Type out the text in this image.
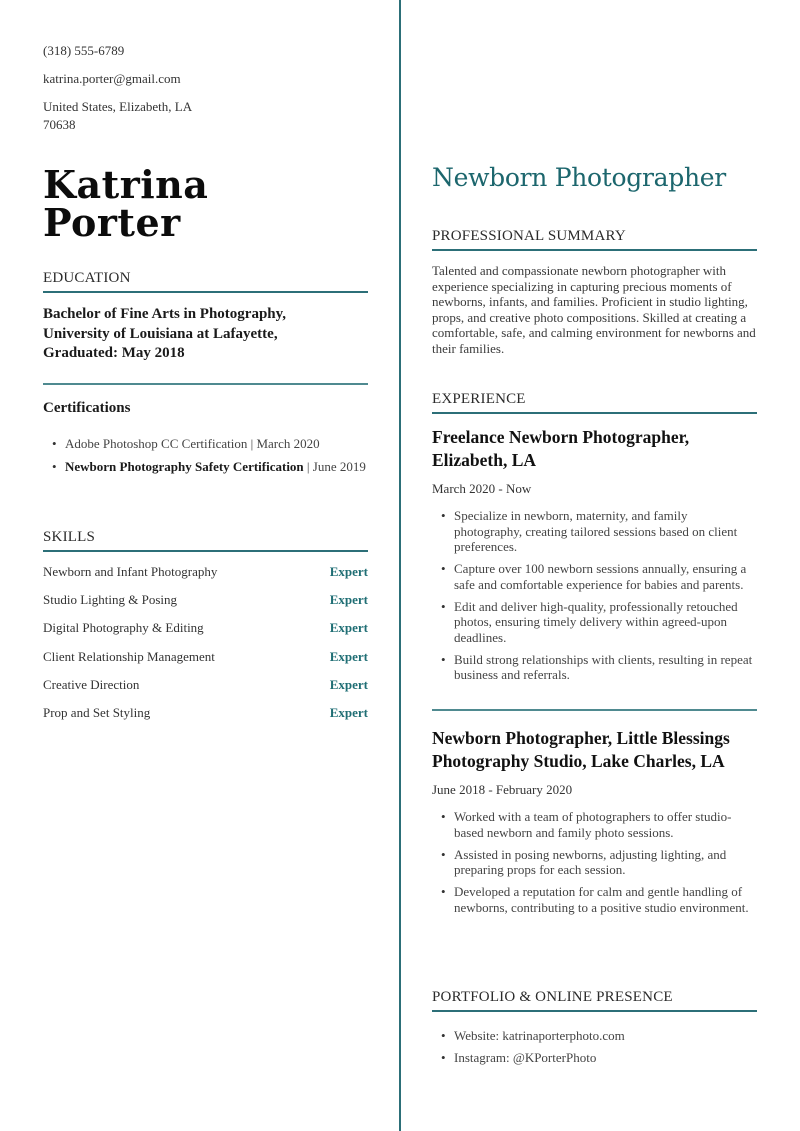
(318) 555-6789
katrina.porter@gmail.com
United States, Elizabeth, LA
70638
Katrina
Porter
EDUCATION
Bachelor of Fine Arts in Photography,
University of Louisiana at Lafayette,
Graduated: May 2018
Certifications
• Adobe Photoshop CC Certification | March 2020
• Newborn Photography Safety Certification | June 2019
SKILLS
Newborn and Infant Photography	Expert
Studio Lighting & Posing	Expert
Digital Photography & Editing	Expert
Client Relationship Management	Expert
Creative Direction	Expert
Prop and Set Styling	Expert
Newborn Photographer
PROFESSIONAL SUMMARY
Talented and compassionate newborn photographer with experience specializing in capturing precious moments of newborns, infants, and families. Proficient in studio lighting, props, and creative photo compositions. Skilled at creating a comfortable, safe, and calming environment for newborns and their families.
EXPERIENCE
Freelance Newborn Photographer, Elizabeth, LA
March 2020 - Now
• Specialize in newborn, maternity, and family photography, creating tailored sessions based on client preferences.
• Capture over 100 newborn sessions annually, ensuring a safe and comfortable experience for babies and parents.
• Edit and deliver high-quality, professionally retouched photos, ensuring timely delivery within agreed-upon deadlines.
• Build strong relationships with clients, resulting in repeat business and referrals.
Newborn Photographer, Little Blessings Photography Studio, Lake Charles, LA
June 2018 - February 2020
• Worked with a team of photographers to offer studio-based newborn and family photo sessions.
• Assisted in posing newborns, adjusting lighting, and preparing props for each session.
• Developed a reputation for calm and gentle handling of newborns, contributing to a positive studio environment.
PORTFOLIO & ONLINE PRESENCE
• Website: katrinaporterphoto.com
• Instagram: @KPorterPhoto
